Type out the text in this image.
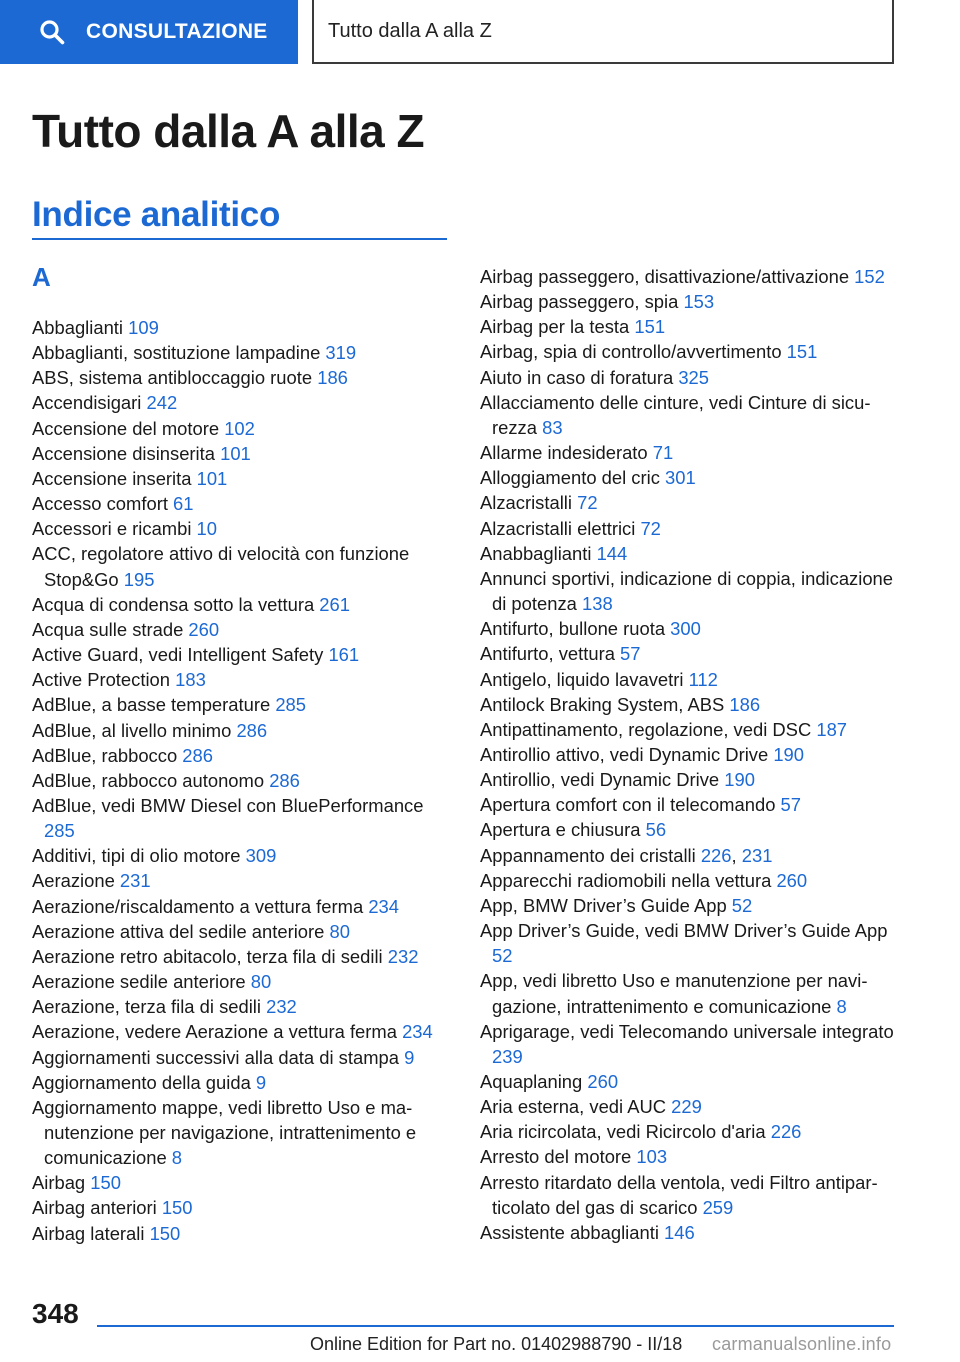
CONSULTAZIONE	Tutto dalla A alla Z
Tutto dalla A alla Z
Indice analitico
A
Abbaglianti 109
Abbaglianti, sostituzione lampadine 319
ABS, sistema antibloccaggio ruote 186
Accendisigari 242
Accensione del motore 102
Accensione disinserita 101
Accensione inserita 101
Accesso comfort 61
Accessori e ricambi 10
ACC, regolatore attivo di velocità con funzione Stop&Go 195
Acqua di condensa sotto la vettura 261
Acqua sulle strade 260
Active Guard, vedi Intelligent Safety 161
Active Protection 183
AdBlue, a basse temperature 285
AdBlue, al livello minimo 286
AdBlue, rabbocco 286
AdBlue, rabbocco autonomo 286
AdBlue, vedi BMW Diesel con BluePerformance 285
Additivi, tipi di olio motore 309
Aerazione 231
Aerazione/riscaldamento a vettura ferma 234
Aerazione attiva del sedile anteriore 80
Aerazione retro abitacolo, terza fila di sedili 232
Aerazione sedile anteriore 80
Aerazione, terza fila di sedili 232
Aerazione, vedere Aerazione a vettura ferma 234
Aggiornamenti successivi alla data di stampa 9
Aggiornamento della guida 9
Aggiornamento mappe, vedi libretto Uso e manutenzione per navigazione, intrattenimento e comunicazione 8
Airbag 150
Airbag anteriori 150
Airbag laterali 150
Airbag passeggero, disattivazione/attivazione 152
Airbag passeggero, spia 153
Airbag per la testa 151
Airbag, spia di controllo/avvertimento 151
Aiuto in caso di foratura 325
Allacciamento delle cinture, vedi Cinture di sicurezza 83
Allarme indesiderato 71
Alloggiamento del cric 301
Alzacristalli 72
Alzacristalli elettrici 72
Anabbaglianti 144
Annunci sportivi, indicazione di coppia, indicazione di potenza 138
Antifurto, bullone ruota 300
Antifurto, vettura 57
Antigelo, liquido lavavetri 112
Antilock Braking System, ABS 186
Antipattinamento, regolazione, vedi DSC 187
Antirollio attivo, vedi Dynamic Drive 190
Antirollio, vedi Dynamic Drive 190
Apertura comfort con il telecomando 57
Apertura e chiusura 56
Appannamento dei cristalli 226, 231
Apparecchi radiomobili nella vettura 260
App, BMW Driver’s Guide App 52
App Driver’s Guide, vedi BMW Driver’s Guide App 52
App, vedi libretto Uso e manutenzione per navigazione, intrattenimento e comunicazione 8
Aprigarage, vedi Telecomando universale integrato 239
Aquaplaning 260
Aria esterna, vedi AUC 229
Aria ricircolata, vedi Ricircolo d'aria 226
Arresto del motore 103
Arresto ritardato della ventola, vedi Filtro antiparticolato del gas di scarico 259
Assistente abbaglianti 146
348
Online Edition for Part no. 01402988790 - II/18 carmanualsonline.info
